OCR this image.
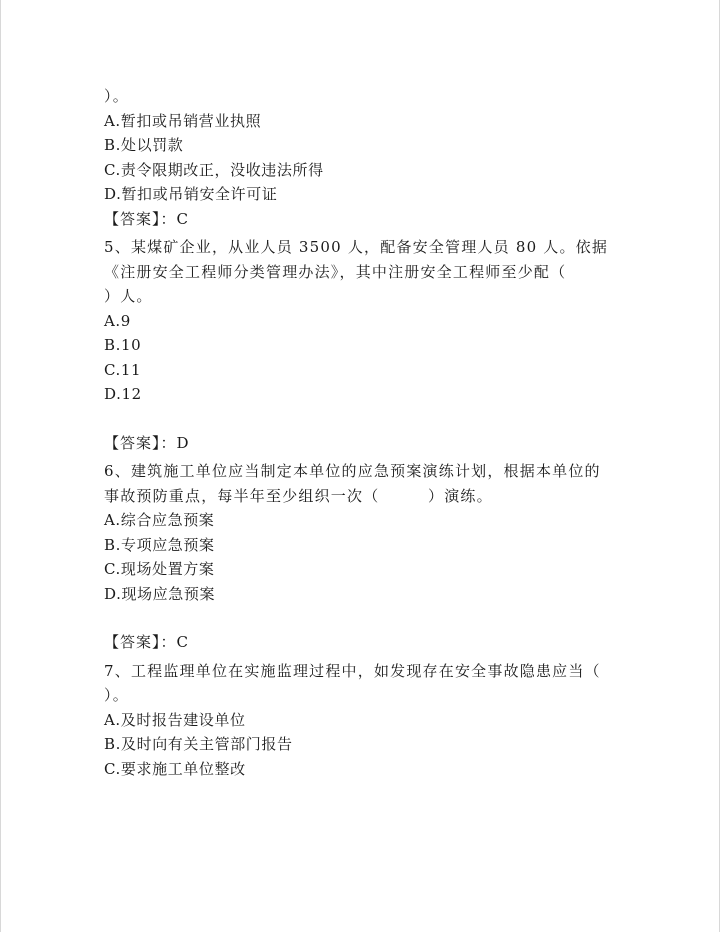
）。
A.暂扣或吊销营业执照
B.处以罚款
C.责令限期改正，没收违法所得
D.暂扣或吊销安全许可证
【答案】：C
5、某煤矿企业，从业人员 3500 人，配备安全管理人员 80 人。依据
《注册安全工程师分类管理办法》，其中注册安全工程师至少配（
）人。
A.9
B.10
C.11
D.12
【答案】：D
6、建筑施工单位应当制定本单位的应急预案演练计划，根据本单位的
事故预防重点，每半年至少组织一次（　　　）演练。
A.综合应急预案
B.专项应急预案
C.现场处置方案
D.现场应急预案
【答案】：C
7、工程监理单位在实施监理过程中，如发现存在安全事故隐患应当（
）。
A.及时报告建设单位
B.及时向有关主管部门报告
C.要求施工单位整改
